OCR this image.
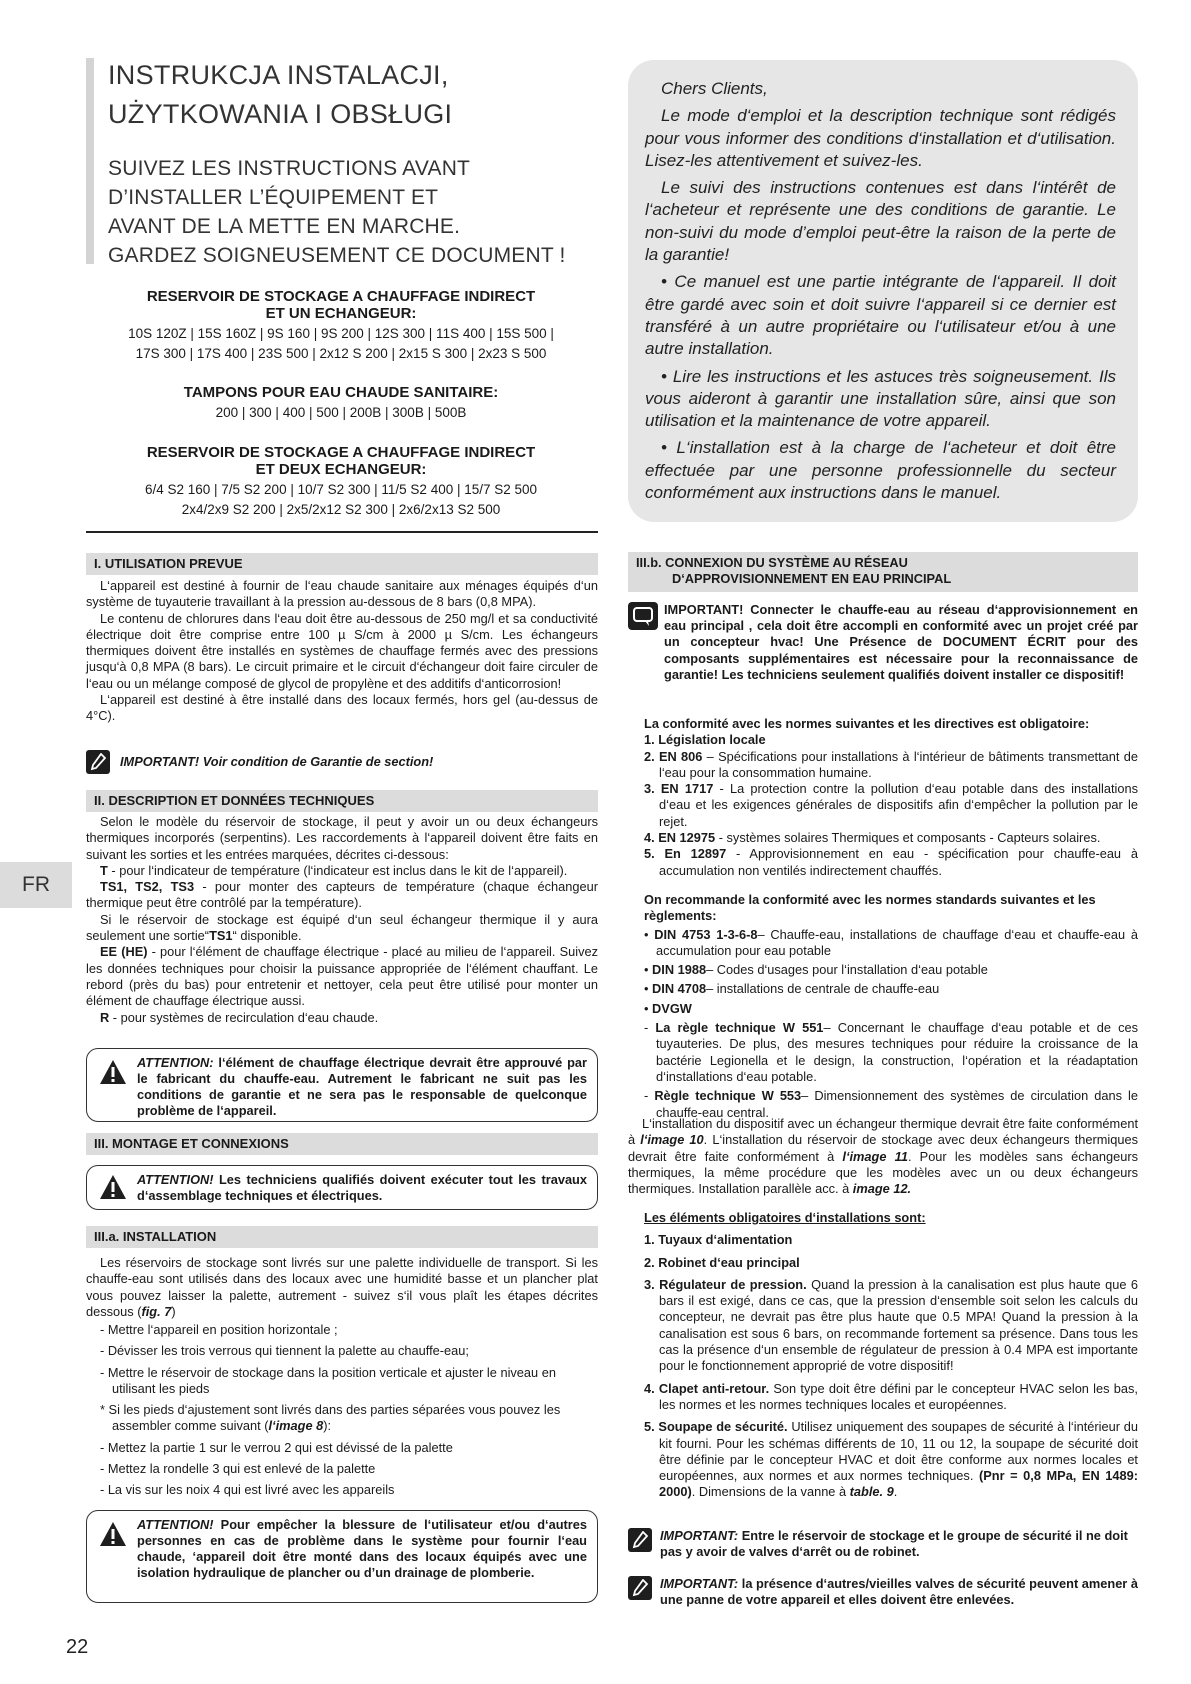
INSTRUKCJA INSTALACJI,
UŻYTKOWANIA I OBSŁUGI
SUIVEZ LES INSTRUCTIONS AVANT
D’INSTALLER L’ÉQUIPEMENT ET
AVANT DE LA METTE EN MARCHE.
GARDEZ SOIGNEUSEMENT CE DOCUMENT !
RESERVOIR DE STOCKAGE A CHAUFFAGE INDIRECT
ET UN ECHANGEUR:
10S 120Z | 15S 160Z | 9S 160 | 9S 200 | 12S 300 | 11S 400 | 15S 500 |
17S 300 | 17S 400 | 23S 500 | 2x12 S 200 | 2x15 S 300 | 2x23 S 500
TAMPONS POUR EAU CHAUDE SANITAIRE:
200 | 300 | 400 | 500 | 200B | 300B | 500B
RESERVOIR DE STOCKAGE A CHAUFFAGE INDIRECT
ET DEUX ECHANGEUR:
6/4 S2 160 | 7/5 S2 200 | 10/7 S2 300 | 11/5 S2 400 | 15/7 S2 500
2x4/2x9 S2 200 | 2x5/2x12 S2 300 | 2x6/2x13 S2 500

Chers Clients,

Le mode d‘emploi et la description technique sont rédigés pour vous informer des conditions d‘installation et d‘utilisation. Lisez-les attentivement et suivez-les.

Le suivi des instructions contenues est dans l‘intérêt de l‘acheteur et représente une des conditions de garantie. Le non-suivi du mode d’emploi peut-être la raison de la perte de la garantie!

• Ce manuel est une partie intégrante de l‘appareil. Il doit être gardé avec soin et doit suivre l‘appareil si ce dernier est transféré à un autre propriétaire ou l‘utilisateur et/ou à une autre installation.

• Lire les instructions et les astuces très soigneusement. Ils vous aideront à garantir une installation sûre, ainsi que son utilisation et la maintenance de votre appareil.

• L‘installation est à la charge de l‘acheteur et doit être effectuée par une personne professionnelle du secteur conformément aux instructions dans le manuel.

I. UTILISATION PREVUE

L‘appareil est destiné à fournir de l‘eau chaude sanitaire aux ménages équipés d‘un système de tuyauterie travaillant à la pression au-dessous de 8 bars (0,8 MPA).

Le contenu de chlorures dans l‘eau doit être au-dessous de 250 mg/l et sa conductivité électrique doit être comprise entre 100 µ S/cm à 2000 µ S/cm. Les échangeurs thermiques doivent être installés en systèmes de chauffage fermés avec des pressions jusqu‘à 0,8 MPA (8 bars). Le circuit primaire et le circuit d‘échangeur doit faire circuler de l‘eau ou un mélange composé de glycol de propylène et des additifs d‘anticorrosion!

L‘appareil est destiné à être installé dans des locaux fermés, hors gel (au-dessus de 4°C).

IMPORTANT! Voir condition de Garantie de section!
II. DESCRIPTION ET DONNÉES TECHNIQUES

Selon le modèle du réservoir de stockage, il peut y avoir un ou deux échangeurs thermiques incorporés (serpentins). Les raccordements à l‘appareil doivent être faits en suivant les sorties et les entrées marquées, décrites ci-dessous:

T - pour l‘indicateur de température (l‘indicateur est inclus dans le kit de l‘appareil).

TS1, TS2, TS3 - pour monter des capteurs de température (chaque échangeur thermique peut être contrôlé par la température).

Si le réservoir de stockage est équipé d‘un seul échangeur thermique il y aura seulement une sortie“TS1“ disponible.

EE (HE) - pour l‘élément de chauffage électrique - placé au milieu de l‘appareil. Suivez les données techniques pour choisir la puissance appropriée de l‘élément chauffant. Le rebord (près du bas) pour entretenir et nettoyer, cela peut être utilisé pour monter un élément de chauffage électrique aussi.

R - pour systèmes de recirculation d‘eau chaude.

ATTENTION: l‘élément de chauffage électrique devrait être approuvé par le fabricant du chauffe-eau. Autrement le fabricant ne suit pas les conditions de garantie et ne sera pas le responsable de quelconque problème de l‘appareil.
III. MONTAGE ET CONNEXIONS
ATTENTION! Les techniciens qualifiés doivent exécuter tout les travaux d‘assemblage techniques et électriques.
III.a. INSTALLATION

Les réservoirs de stockage sont livrés sur une palette individuelle de transport. Si les chauffe-eau sont utilisés dans des locaux avec une humidité basse et un plancher plat vous pouvez laisser la palette, autrement - suivez s‘il vous plaît les étapes décrites dessous (fig. 7)

- Mettre l‘appareil en position horizontale ;
- Dévisser les trois verrous qui tiennent la palette au chauffe-eau;
- Mettre le réservoir de stockage dans la position verticale et ajuster le niveau en utilisant les pieds
* Si les pieds d‘ajustement sont livrés dans des parties séparées vous pouvez les assembler comme suivant (l‘image 8):
- Mettez la partie 1 sur le verrou 2 qui est dévissé de la palette
- Mettez la rondelle 3 qui est enlevé de la palette
- La vis sur les noix 4 qui est livré avec les appareils
ATTENTION! Pour empêcher la blessure de l‘utilisateur et/ou d‘autres personnes en cas de problème dans le système pour fournir l‘eau chaude, ‘appareil doit être monté dans des locaux équipés avec une isolation hydraulique de plancher ou d’un drainage de plomberie.
III.b. CONNEXION DU SYSTÈME AU RÉSEAU
D‘APPROVISIONNEMENT EN EAU PRINCIPAL
IMPORTANT! Connecter le chauffe-eau au réseau d‘approvisionnement en eau principal , cela doit être accompli en conformité avec un projet créé par un concepteur hvac! Une Présence de DOCUMENT ÉCRIT pour des composants supplémentaires est nécessaire pour la reconnaissance de garantie! Les techniciens seulement qualifiés doivent installer ce dispositif!
La conformité avec les normes suivantes et les directives est obligatoire:
1. Législation locale
2. EN 806 – Spécifications pour installations à l‘intérieur de bâtiments transmettant de l‘eau pour la consommation humaine.
3. EN 1717 - La protection contre la pollution d‘eau potable dans des installations d‘eau et les exigences générales de dispositifs afin d‘empêcher la pollution par le rejet.
4. EN 12975 - systèmes solaires Thermiques et composants - Capteurs solaires.
5. En 12897 - Approvisionnement en eau - spécification pour chauffe-eau à accumulation non ventilés indirectement chauffés.
On recommande la conformité avec les normes standards suivantes et les règlements:
• DIN 4753 1-3-6-8– Chauffe-eau, installations de chauffage d‘eau et chauffe-eau à accumulation pour eau potable
• DIN 1988– Codes d‘usages pour l‘installation d‘eau potable
• DIN 4708– installations de centrale de chauffe-eau
• DVGW
- La règle technique W 551– Concernant le chauffage d‘eau potable et de ces tuyauteries. De plus, des mesures techniques pour réduire la croissance de la bactérie Legionella et le design, la construction, l‘opération et la réadaptation d‘installations d‘eau potable.
- Règle technique W 553– Dimensionnement des systèmes de circulation dans le chauffe-eau central.

L‘installation du dispositif avec un échangeur thermique devrait être faite conformément à l‘image 10. L‘installation du réservoir de stockage avec deux échangeurs thermiques devrait être faite conformément à l‘image 11. Pour les modèles sans échangeurs thermiques, la même procédure que les modèles avec un ou deux échangeurs thermiques. Installation parallèle acc. à image 12.

Les éléments obligatoires d‘installations sont:
1. Tuyaux d‘alimentation
2. Robinet d‘eau principal
3. Régulateur de pression. Quand la pression à la canalisation est plus haute que 6 bars il est exigé, dans ce cas, que la pression d‘ensemble soit selon les calculs du concepteur, ne devrait pas être plus haute que 0.5 MPA! Quand la pression à la canalisation est sous 6 bars, on recommande fortement sa présence. Dans tous les cas la présence d‘un ensemble de régulateur de pression à 0.4 MPA est importante pour le fonctionnement approprié de votre dispositif!
4. Clapet anti-retour. Son type doit être défini par le concepteur HVAC selon les bas, les normes et les normes techniques locales et européennes.
5. Soupape de sécurité. Utilisez uniquement des soupapes de sécurité à l‘intérieur du kit fourni. Pour les schémas différents de 10, 11 ou 12, la soupape de sécurité doit être définie par le concepteur HVAC et doit être conforme aux normes locales et européennes, aux normes et aux normes techniques. (Pnr = 0,8 MPa, EN 1489: 2000). Dimensions de la vanne à table. 9.
IMPORTANT: Entre le réservoir de stockage et le groupe de sécurité il ne doit pas y avoir de valves d‘arrêt ou de robinet.
IMPORTANT: la présence d‘autres/vieilles valves de sécurité peuvent amener à une panne de votre appareil et elles doivent être enlevées.
FR
22
